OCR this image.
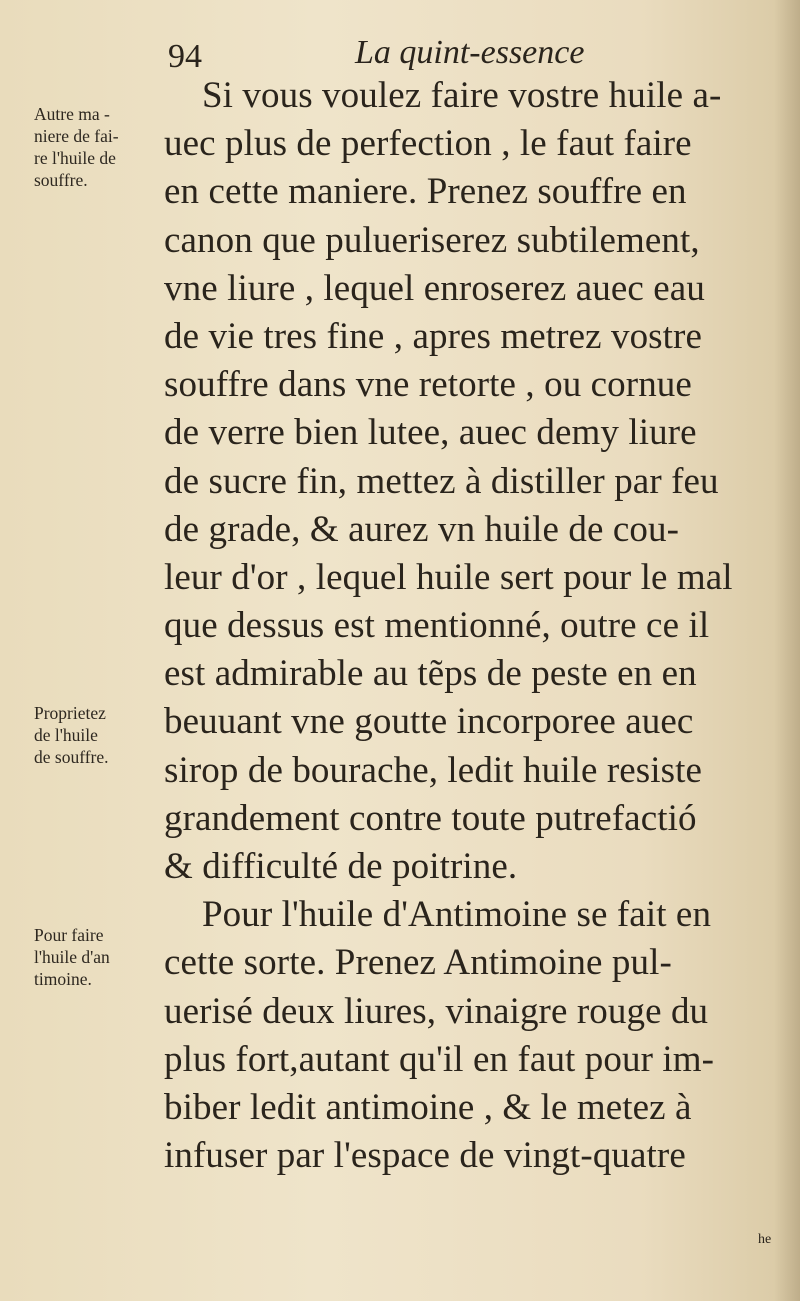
94	La quint-essence
Autre ma -
niere de fai-
re l'huile de
souffre.
Proprietez
de l'huile
de souffre.
Pour faire
l'huile d'an
timoine.
Si vous voulez faire vostre huile a-
uec plus de perfection , le faut faire
en cette maniere. Prenez souffre en
canon que pulueriserez subtilement,
vne liure , lequel enroserez auec eau
de vie tres fine , apres metrez vostre
souffre dans vne retorte , ou cornue
de verre bien lutee, auec demy liure
de sucre fin, mettez à distiller par feu
de grade, & aurez vn huile de cou-
leur d'or , lequel huile sert pour le mal
que dessus est mentionné, outre ce il
est admirable au tẽps de peste en en
beuuant vne goutte incorporee auec
sirop de bourache, ledit huile resiste
grandement contre toute putrefactió
& difficulté de poitrine.
Pour l'huile d'Antimoine se fait en
cette sorte. Prenez Antimoine pul-
uerisé deux liures, vinaigre rouge du
plus fort,autant qu'il en faut pour im-
biber ledit antimoine , & le metez à
infuser par l'espace de vingt-quatre
he
